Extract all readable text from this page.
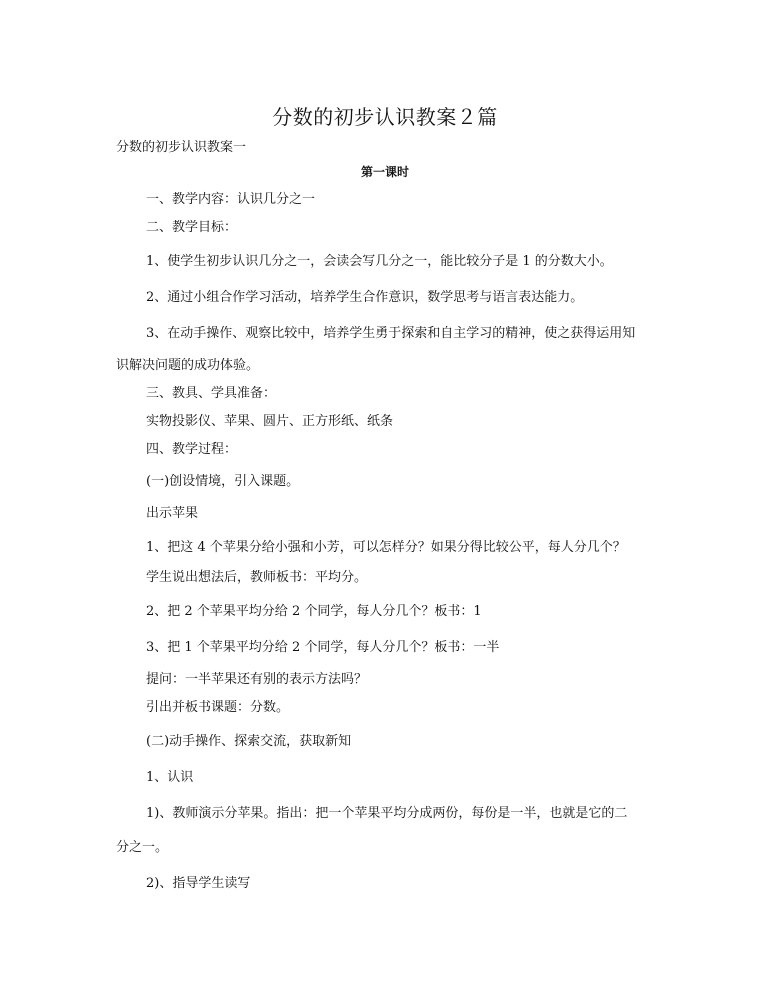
分数的初步认识教案２篇
分数的初步认识教案一
第一课时
一、教学内容：认识几分之一
二、教学目标：
1、使学生初步认识几分之一，会读会写几分之一，能比较分子是 1 的分数大小。
2、通过小组合作学习活动，培养学生合作意识，数学思考与语言表达能力。
3、在动手操作、观察比较中，培养学生勇于探索和自主学习的精神，使之获得运用知
识解决问题的成功体验。
三、教具、学具准备：
实物投影仪、苹果、圆片、正方形纸、纸条
四、教学过程：
(一)创设情境，引入课题。
出示苹果
1、把这 4 个苹果分给小强和小芳，可以怎样分？如果分得比较公平，每人分几个？
学生说出想法后，教师板书：平均分。
2、把 2 个苹果平均分给 2 个同学，每人分几个？板书：1
3、把 1 个苹果平均分给 2 个同学，每人分几个？板书：一半
提问：一半苹果还有别的表示方法吗？
引出并板书课题：分数。
(二)动手操作、探索交流，获取新知
1、认识
1)、教师演示分苹果。指出：把一个苹果平均分成两份，每份是一半，也就是它的二
分之一。
2)、指导学生读写
